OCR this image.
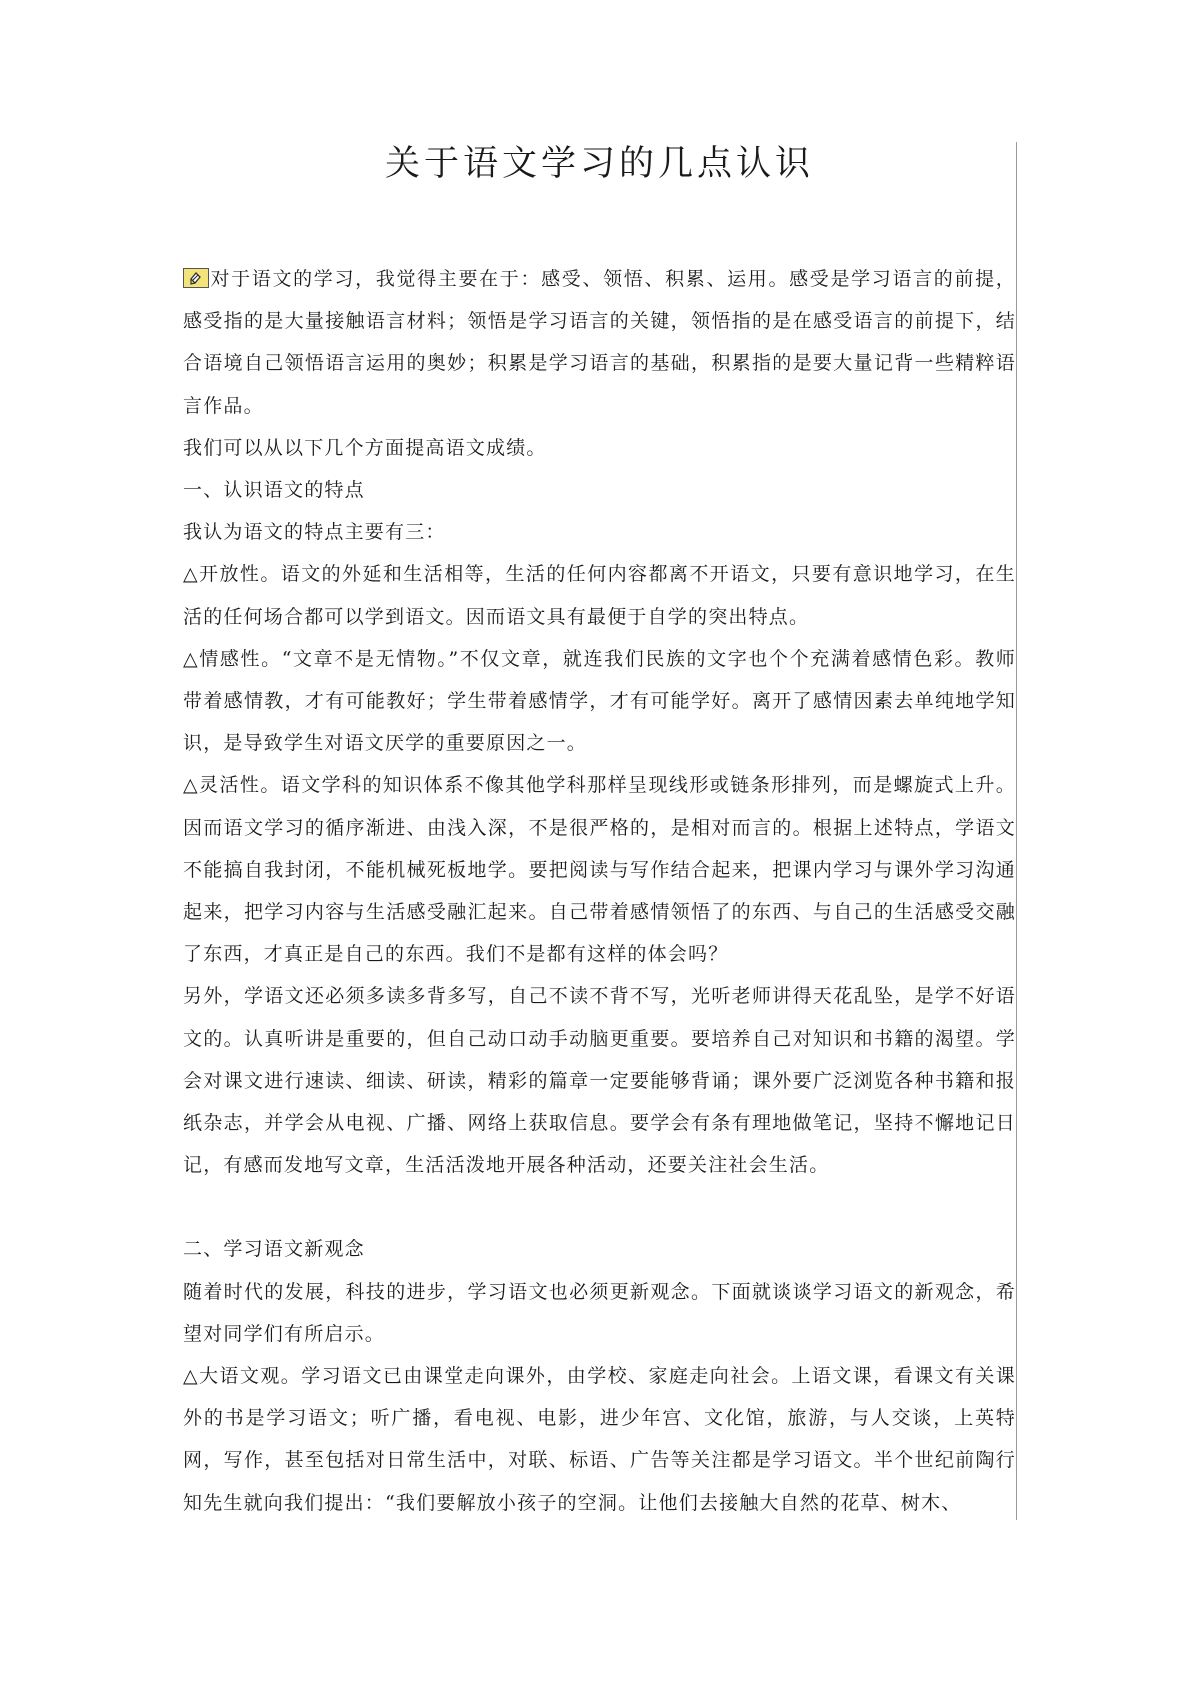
关于语文学习的几点认识

对于语文的学习，我觉得主要在于：感受、领悟、积累、运用。感受是学习语言的前提，感受指的是大量接触语言材料；领悟是学习语言的关键，领悟指的是在感受语言的前提下，结合语境自己领悟语言运用的奥妙；积累是学习语言的基础，积累指的是要大量记背一些精粹语言作品。

我们可以从以下几个方面提高语文成绩。

一、认识语文的特点

我认为语文的特点主要有三：

△开放性。语文的外延和生活相等，生活的任何内容都离不开语文，只要有意识地学习，在生活的任何场合都可以学到语文。因而语文具有最便于自学的突出特点。

△情感性。“文章不是无情物。”不仅文章，就连我们民族的文字也个个充满着感情色彩。教师带着感情教，才有可能教好；学生带着感情学，才有可能学好。离开了感情因素去单纯地学知识，是导致学生对语文厌学的重要原因之一。

△灵活性。语文学科的知识体系不像其他学科那样呈现线形或链条形排列，而是螺旋式上升。因而语文学习的循序渐进、由浅入深，不是很严格的，是相对而言的。根据上述特点，学语文不能搞自我封闭，不能机械死板地学。要把阅读与写作结合起来，把课内学习与课外学习沟通起来，把学习内容与生活感受融汇起来。自己带着感情领悟了的东西、与自己的生活感受交融了东西，才真正是自己的东西。我们不是都有这样的体会吗？

另外，学语文还必须多读多背多写，自己不读不背不写，光听老师讲得天花乱坠，是学不好语文的。认真听讲是重要的，但自己动口动手动脑更重要。要培养自己对知识和书籍的渴望。学会对课文进行速读、细读、研读，精彩的篇章一定要能够背诵；课外要广泛浏览各种书籍和报纸杂志，并学会从电视、广播、网络上获取信息。要学会有条有理地做笔记，坚持不懈地记日记，有感而发地写文章，生活活泼地开展各种活动，还要关注社会生活。

二、学习语文新观念

随着时代的发展，科技的进步，学习语文也必须更新观念。下面就谈谈学习语文的新观念，希望对同学们有所启示。

△大语文观。学习语文已由课堂走向课外，由学校、家庭走向社会。上语文课，看课文有关课外的书是学习语文；听广播，看电视、电影，进少年宫、文化馆，旅游，与人交谈，上英特网，写作，甚至包括对日常生活中，对联、标语、广告等关注都是学习语文。半个世纪前陶行知先生就向我们提出：“我们要解放小孩子的空洞。让他们去接触大自然的花草、树木、
